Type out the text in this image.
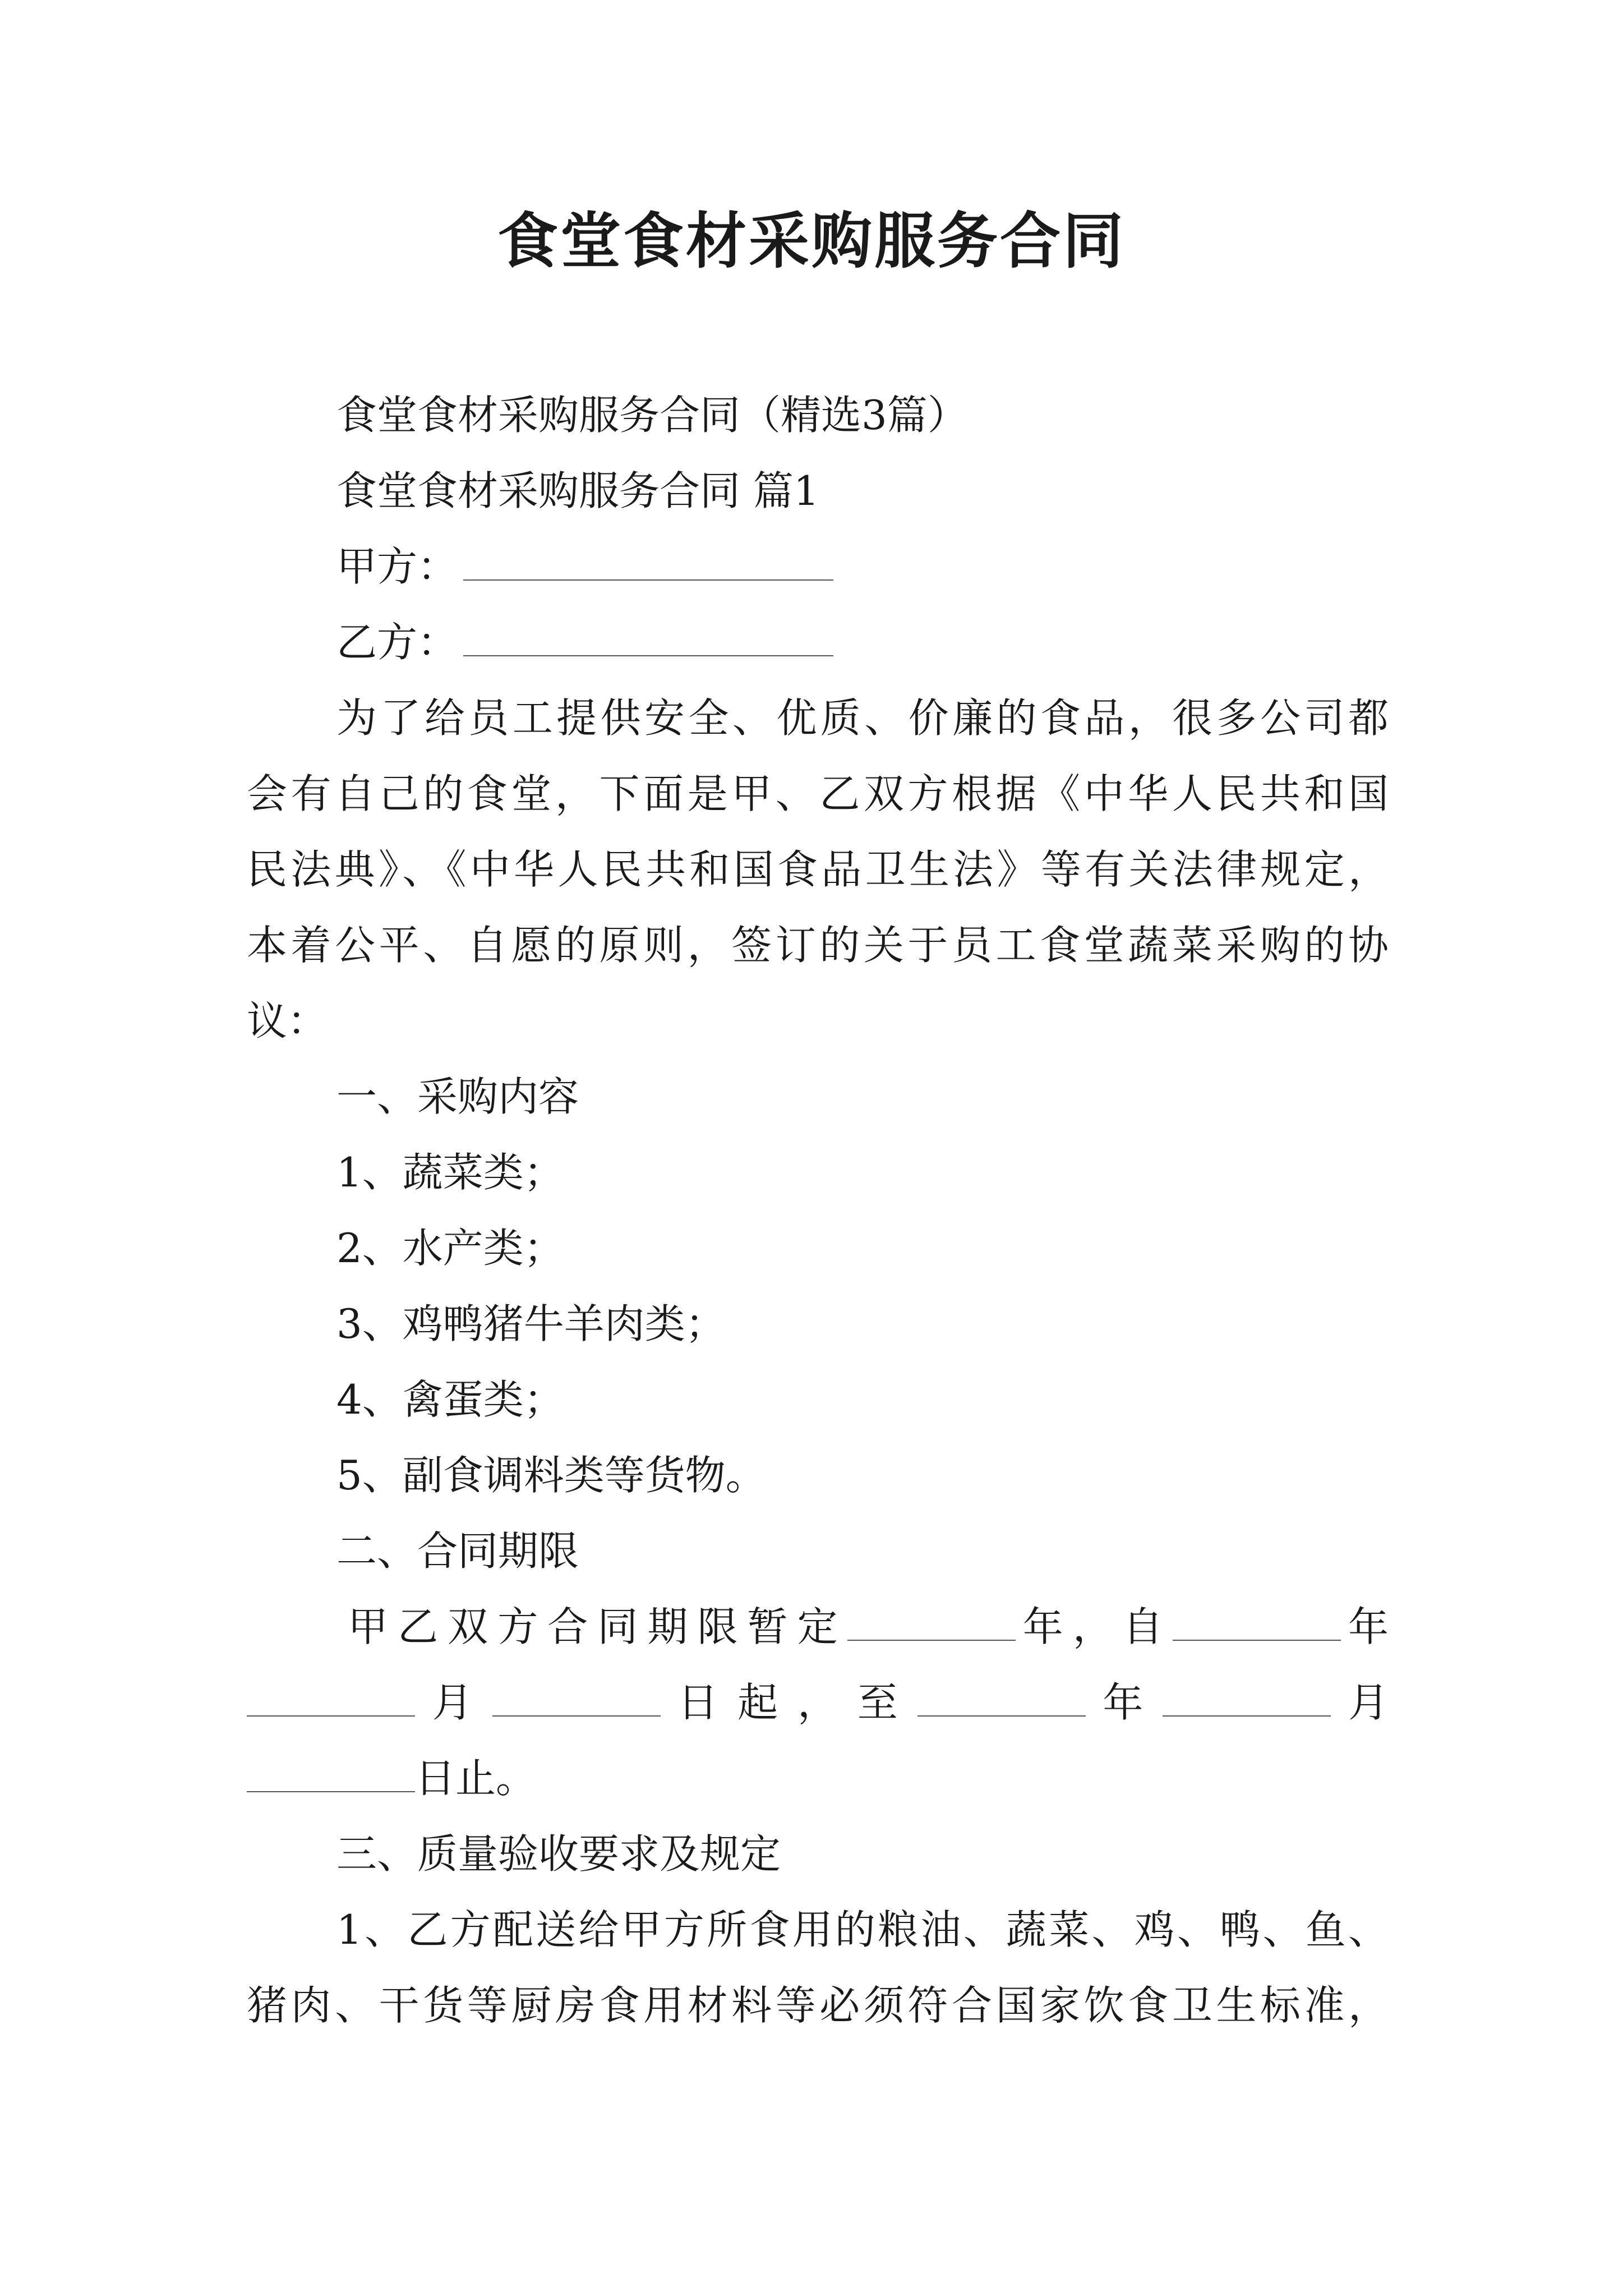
食堂食材采购服务合同
食堂食材采购服务合同（精选3篇）
食堂食材采购服务合同 篇1
甲方：
乙方：
为了给员工提供安全、优质、价廉的食品，很多公司都
会有自己的食堂，下面是甲、乙双方根据《中华人民共和国
民法典》、《中华人民共和国食品卫生法》等有关法律规定，
本着公平、自愿的原则，签订的关于员工食堂蔬菜采购的协
议：
一、采购内容
1、蔬菜类；
2、水产类；
3、鸡鸭猪牛羊肉类；
4、禽蛋类；
5、副食调料类等货物。
二、合同期限
甲乙双方合同期限暂定	年，自	年
月	日起，至	年	月
日止。
三、质量验收要求及规定
1、乙方配送给甲方所食用的粮油、蔬菜、鸡、鸭、鱼、
猪肉、干货等厨房食用材料等必须符合国家饮食卫生标准，
